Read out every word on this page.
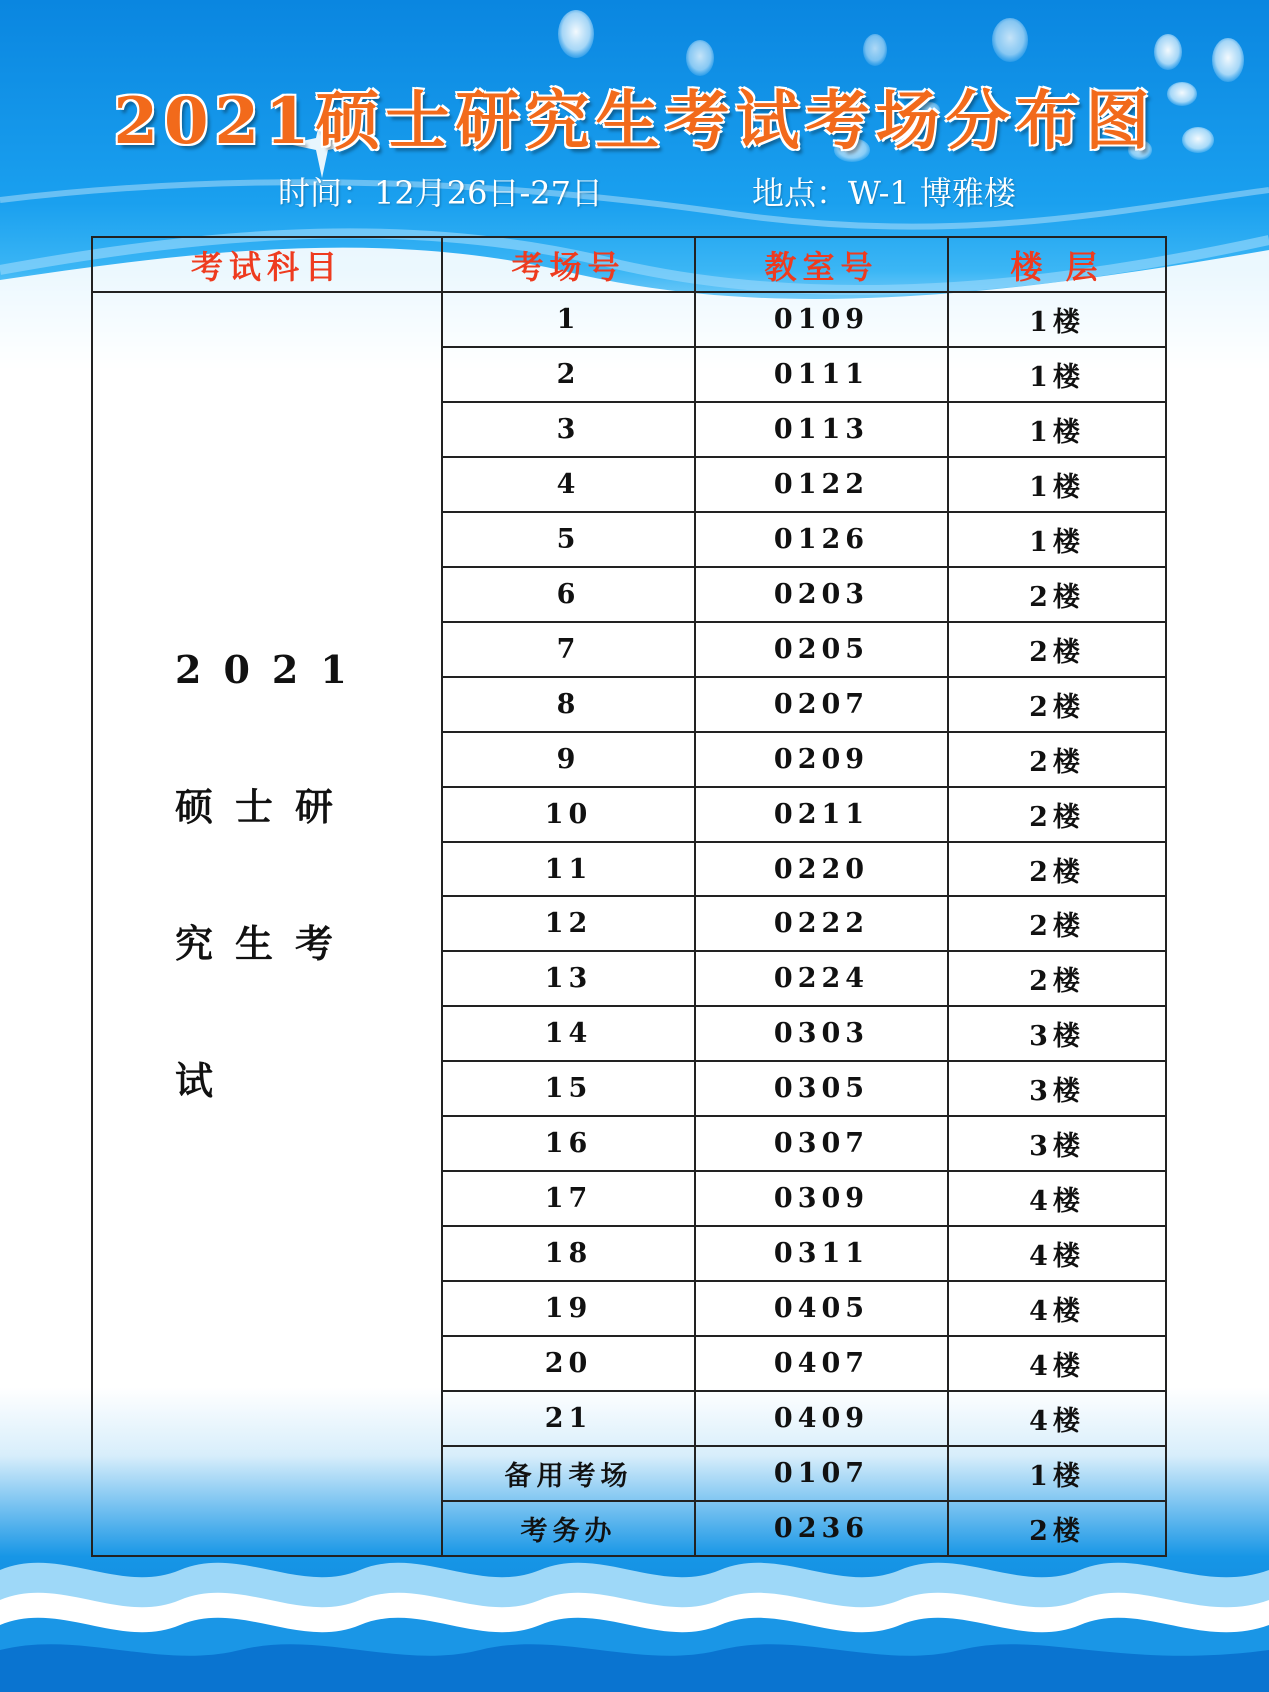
2021硕士研究生考试考场分布图
时间：12月26日-27日	地点：W-1 博雅楼
考试科目	考场号	教室号	楼 层

2021
硕士研
究生考
试	1	0109	1楼
	2	0111	1楼
	3	0113	1楼
	4	0122	1楼
	5	0126	1楼
	6	0203	2楼
	7	0205	2楼
	8	0207	2楼
	9	0209	2楼
	10	0211	2楼
	11	0220	2楼
	12	0222	2楼
	13	0224	2楼
	14	0303	3楼
	15	0305	3楼
	16	0307	3楼
	17	0309	4楼
	18	0311	4楼
	19	0405	4楼
	20	0407	4楼
	21	0409	4楼
	备用考场	0107	1楼
	考务办	0236	2楼
